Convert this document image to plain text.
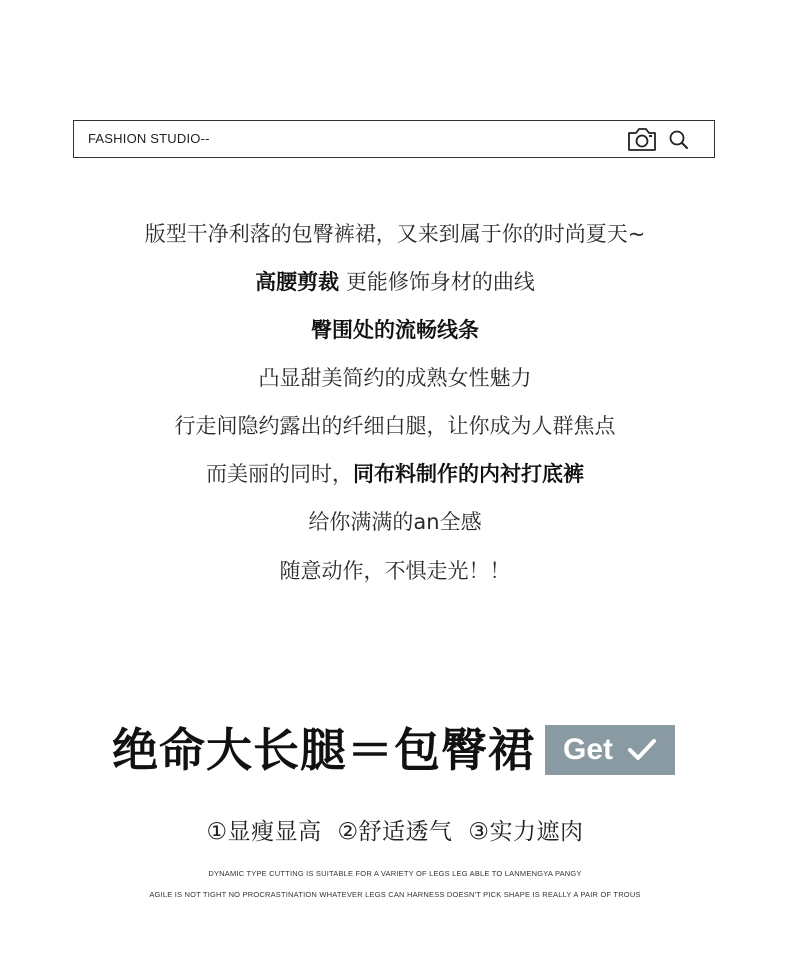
FASHION STUDIO--
版型干净利落的包臀裤裙，又来到属于你的时尚夏天~
高腰剪裁 更能修饰身材的曲线
臀围处的流畅线条
凸显甜美简约的成熟女性魅力
行走间隐约露出的纤细白腿，让你成为人群焦点
而美丽的同时，同布料制作的内衬打底裤
给你满满的an全感
随意动作，不惧走光！！
绝命大长腿＝包臀裙 Get
①显瘦显高 ②舒适透气 ③实力遮肉
DYNAMIC TYPE CUTTING IS SUITABLE FOR A VARIETY OF LEGS LEG ABLE TO LANMENGYA PANGY
AGILE IS NOT TIGHT NO PROCRASTINATION WHATEVER LEGS CAN HARNESS DOESN'T PICK SHAPE IS REALLY A PAIR OF TROUS
